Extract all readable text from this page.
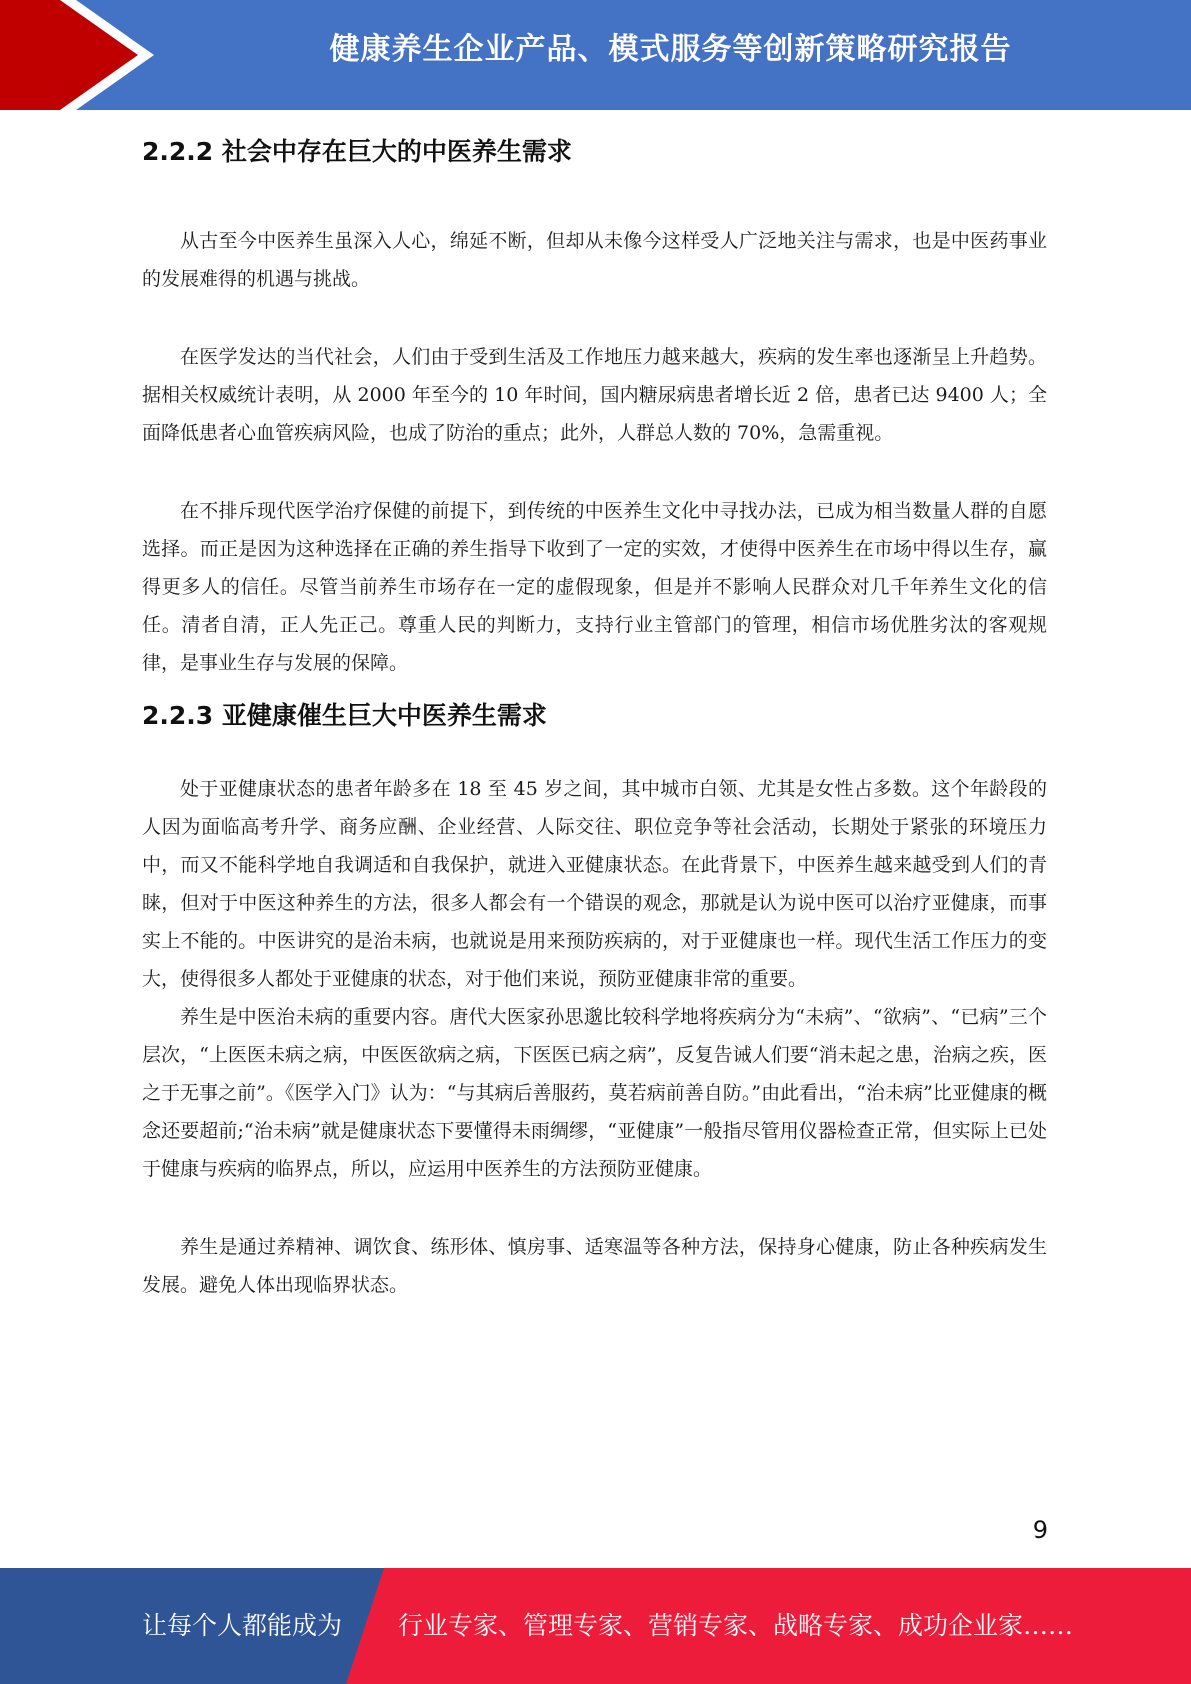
健康养生企业产品、模式服务等创新策略研究报告
2.2.2 社会中存在巨大的中医养生需求

从古至今中医养生虽深入人心，绵延不断，但却从未像今这样受人广泛地关注与需求，也是中医药事业的发展难得的机遇与挑战。

在医学发达的当代社会，人们由于受到生活及工作地压力越来越大，疾病的发生率也逐渐呈上升趋势。据相关权威统计表明，从 2000 年至今的 10 年时间，国内糖尿病患者增长近 2 倍，患者已达 9400 人；全面降低患者心血管疾病风险，也成了防治的重点；此外，人群总人数的 70%，急需重视。

在不排斥现代医学治疗保健的前提下，到传统的中医养生文化中寻找办法，已成为相当数量人群的自愿选择。而正是因为这种选择在正确的养生指导下收到了一定的实效，才使得中医养生在市场中得以生存，赢得更多人的信任。尽管当前养生市场存在一定的虚假现象，但是并不影响人民群众对几千年养生文化的信任。清者自清，正人先正己。尊重人民的判断力，支持行业主管部门的管理，相信市场优胜劣汰的客观规律，是事业生存与发展的保障。

2.2.3 亚健康催生巨大中医养生需求

处于亚健康状态的患者年龄多在 18 至 45 岁之间，其中城市白领、尤其是女性占多数。这个年龄段的人因为面临高考升学、商务应酬、企业经营、人际交往、职位竞争等社会活动，长期处于紧张的环境压力中，而又不能科学地自我调适和自我保护，就进入亚健康状态。在此背景下，中医养生越来越受到人们的青睐，但对于中医这种养生的方法，很多人都会有一个错误的观念，那就是认为说中医可以治疗亚健康，而事实上不能的。中医讲究的是治未病，也就说是用来预防疾病的，对于亚健康也一样。现代生活工作压力的变大，使得很多人都处于亚健康的状态，对于他们来说，预防亚健康非常的重要。

养生是中医治未病的重要内容。唐代大医家孙思邈比较科学地将疾病分为“未病”、“欲病”、“已病”三个层次，“上医医未病之病，中医医欲病之病，下医医已病之病”，反复告诫人们要“消未起之患，治病之疾，医之于无事之前”。《医学入门》认为：“与其病后善服药，莫若病前善自防。”由此看出，“治未病”比亚健康的概念还要超前;“治未病”就是健康状态下要懂得未雨绸缪，“亚健康”一般指尽管用仪器检查正常，但实际上已处于健康与疾病的临界点，所以，应运用中医养生的方法预防亚健康。

养生是通过养精神、调饮食、练形体、慎房事、适寒温等各种方法，保持身心健康，防止各种疾病发生发展。避免人体出现临界状态。

9
让每个人都能成为 行业专家、管理专家、营销专家、战略专家、成功企业家……
